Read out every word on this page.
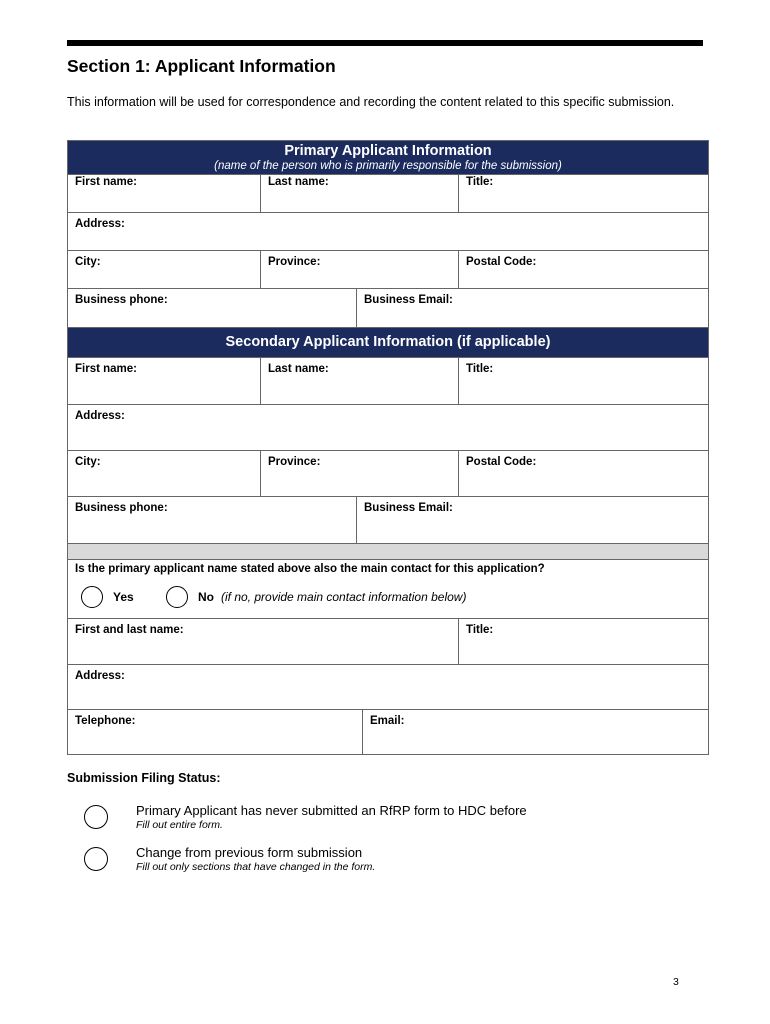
Section 1: Applicant Information
This information will be used for correspondence and recording the content related to this specific submission.
Primary Applicant Information
(name of the person who is primarily responsible for the submission)
First name:	Last name:	Title:
Address:
City:	Province:	Postal Code:
Business phone:	Business Email:
Secondary Applicant Information (if applicable)
First name:	Last name:	Title:
Address:
City:	Province:	Postal Code:
Business phone:	Business Email:
Is the primary applicant name stated above also the main contact for this application?
Yes	No (if no, provide main contact information below)
First and last name:	Title:
Address:
Telephone:	Email:
Submission Filing Status:
Primary Applicant has never submitted an RfRP form to HDC before
Fill out entire form.
Change from previous form submission
Fill out only sections that have changed in the form.
3
